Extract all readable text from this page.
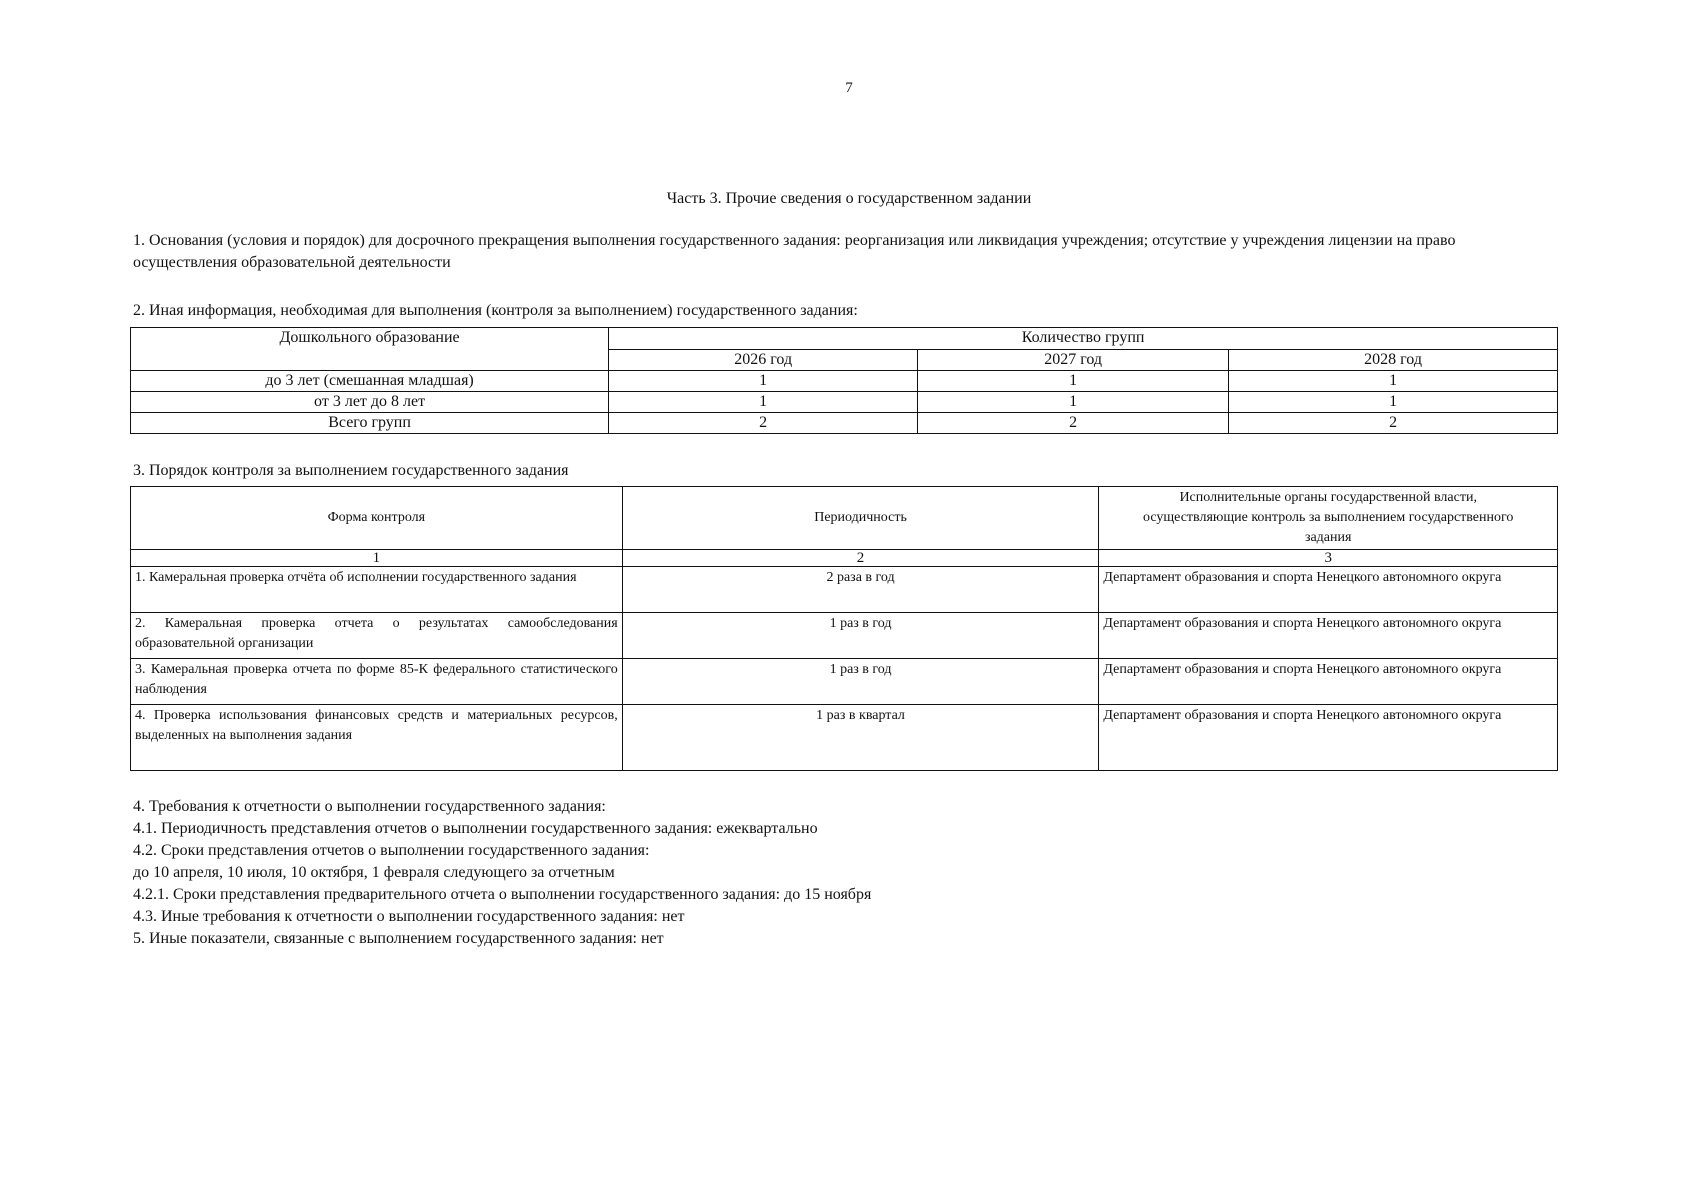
7
Часть 3. Прочие сведения о государственном задании
1. Основания (условия и порядок) для досрочного прекращения выполнения государственного задания: реорганизация или ликвидация учреждения; отсутствие у учреждения лицензии на право осуществления образовательной деятельности
2. Иная информация, необходимая для выполнения (контроля за выполнением) государственного задания:
Дошкольного образование	Количество групп		
	2026 год	2027 год	2028 год
до 3 лет (смешанная младшая)	1	1	1
от 3 лет до 8 лет	1	1	1
Всего групп	2	2	2
3. Порядок контроля за выполнением государственного задания
Форма контроля	Периодичность	Исполнительные органы государственной власти, осуществляющие контроль за выполнением государственного задания
1	2	3
1. Камеральная проверка отчёта об исполнении государственного задания	2 раза в год	Департамент образования и спорта Ненецкого автономного округа
2. Камеральная проверка отчета о результатах самообследования образовательной организации	1 раз в год	Департамент образования и спорта Ненецкого автономного округа
3. Камеральная проверка отчета по форме 85-К федерального статистического наблюдения	1 раз в год	Департамент образования и спорта Ненецкого автономного округа
4. Проверка использования финансовых средств и материальных ресурсов, выделенных на выполнения задания	1 раз в квартал	Департамент образования и спорта Ненецкого автономного округа
4. Требования к отчетности о выполнении государственного задания:
4.1. Периодичность представления отчетов о выполнении государственного задания: ежеквартально
4.2. Сроки представления отчетов о выполнении государственного задания:
до 10 апреля, 10 июля, 10 октября, 1 февраля следующего за отчетным
4.2.1. Сроки представления предварительного отчета о выполнении государственного задания: до 15 ноября
4.3. Иные требования к отчетности о выполнении государственного задания: нет
5. Иные показатели, связанные с выполнением государственного задания: нет
